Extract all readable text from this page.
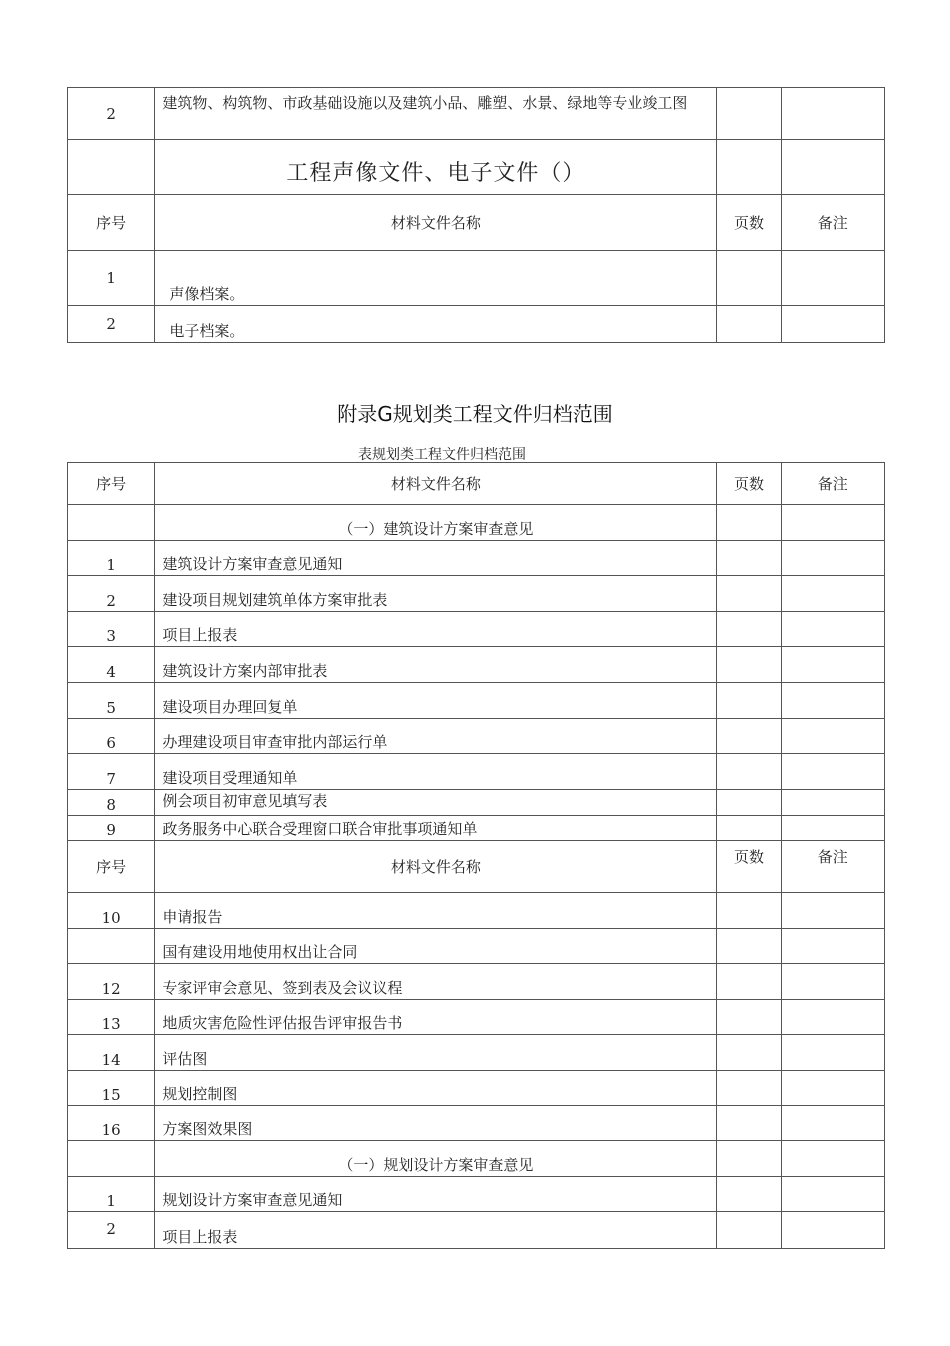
2	建筑物、构筑物、市政基础设施以及建筑小品、雕塑、水景、绿地等专业竣工图		
	工程声像文件、电子文件（）		
序号	材料文件名称	页数	备注
1	声像档案。		
2	电子档案。		
附录G规划类工程文件归档范围
表规划类工程文件归档范围
序号	材料文件名称	页数	备注
	（一）建筑设计方案审查意见		
1	建筑设计方案审查意见通知		
2	建设项目规划建筑单体方案审批表		
3	项目上报表		
4	建筑设计方案内部审批表		
5	建设项目办理回复单		
6	办理建设项目审查审批内部运行单		
7	建设项目受理通知单		
8	例会项目初审意见填写表		
9	政务服务中心联合受理窗口联合审批事项通知单		
序号	材料文件名称	页数	备注
10	申请报告		
	国有建设用地使用权出让合同		
12	专家评审会意见、签到表及会议议程		
13	地质灾害危险性评估报告评审报告书		
14	评估图		
15	规划控制图		
16	方案图效果图		
	（一）规划设计方案审查意见		
1	规划设计方案审查意见通知		
2	项目上报表		
